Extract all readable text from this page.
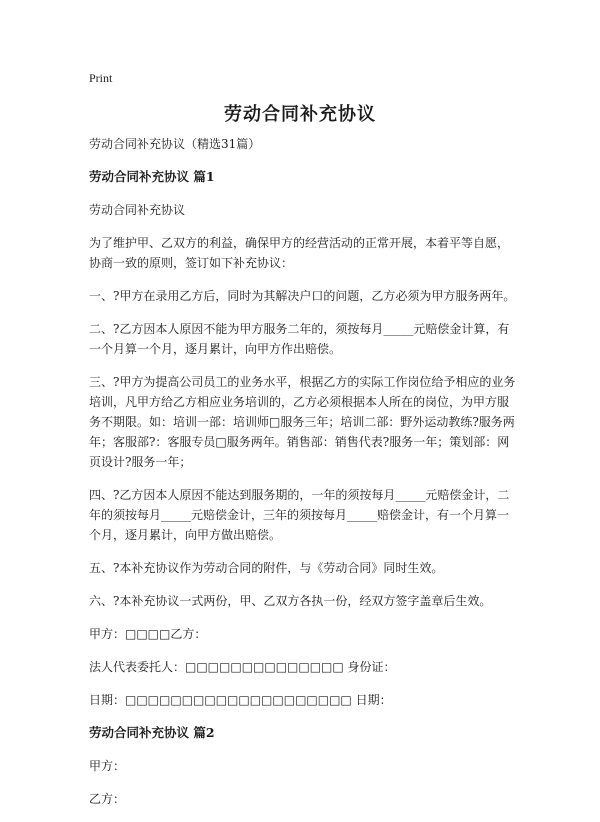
Print
劳动合同补充协议

劳动合同补充协议（精选31篇）

劳动合同补充协议 篇1

劳动合同补充协议

为了维护甲、乙双方的利益，确保甲方的经营活动的正常开展，本着平等自愿，协商一致的原则，签订如下补充协议：

一、?甲方在录用乙方后，同时为其解决户口的问题，乙方必须为甲方服务两年。

二、?乙方因本人原因不能为甲方服务二年的，须按每月_____元赔偿金计算，有一个月算一个月，逐月累计，向甲方作出赔偿。

三、?甲方为提高公司员工的业务水平，根据乙方的实际工作岗位给予相应的业务培训，凡甲方给乙方相应业务培训的，乙方必须根据本人所在的岗位，为甲方服务不期限。如：培训一部：培训师□服务三年；培训二部：野外运动教练?服务两年；客服部?：客服专员□服务两年。销售部：销售代表?服务一年；策划部：网页设计?服务一年；

四、?乙方因本人原因不能达到服务期的，一年的须按每月_____元赔偿金计，二年的须按每月_____元赔偿金计，三年的须按每月_____赔偿金计，有一个月算一个月，逐月累计，向甲方做出赔偿。

五、?本补充协议作为劳动合同的附件，与《劳动合同》同时生效。

六、?本补充协议一式两份，甲、乙双方各执一份，经双方签字盖章后生效。

甲方：□□□□乙方：

法人代表委托人：□□□□□□□□□□□□□□ 身份证：

日期：□□□□□□□□□□□□□□□□□□□□ 日期：

劳动合同补充协议 篇2

甲方：

乙方：
